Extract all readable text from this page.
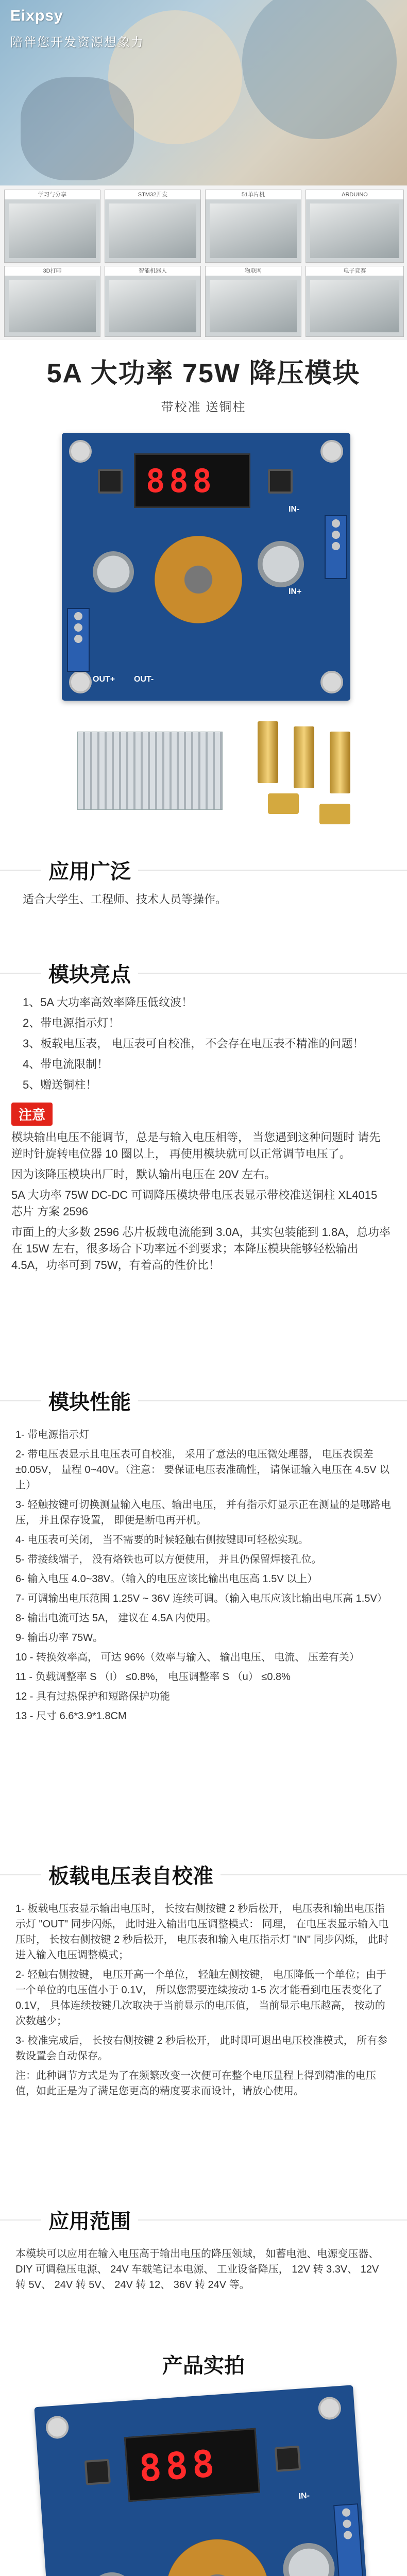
Eixpsy
陪伴您开发资源想象力
学习与分享	STM32开发	51单片机	ARDUINO
3D打印	智能机器人	物联网	电子竞赛
5A 大功率 75W 降压模块
带校准 送铜柱
888
OUT+ OUT-
IN+
IN-
应用广泛

适合大学生、工程师、技术人员等操作。

模块亮点

1、5A 大功率高效率降压低纹波！

2、带电源指示灯！

3、板载电压表， 电压表可自校准， 不会存在电压表不精准的问题！

4、带电流限制！

5、赠送铜柱！

注意

模块输出电压不能调节，总是与输入电压相等， 当您遇到这种问题时 请先逆时针旋转电位器 10 圈以上， 再使用模块就可以正常调节电压了。

因为该降压模块出厂时，默认输出电压在 20V 左右。

5A 大功率 75W DC-DC 可调降压模块带电压表显示带校准送铜柱 XL4015 芯片 方案 2596

市面上的大多数 2596 芯片板载电流能到 3.0A，其实包装能到 1.8A，总功率在 15W 左右，很多场合下功率远不到要求；本降压模块能够轻松输出 4.5A，功率可到 75W，有着高的性价比！

模块性能

1- 带电源指示灯

2- 带电压表显示且电压表可自校准， 采用了意法的电压微处理器， 电压表误差 ±0.05V， 量程 0~40V。（注意： 要保证电压表准确性， 请保证输入电压在 4.5V 以上）

3- 轻触按键可切换测量输入电压、输出电压， 并有指示灯显示正在测量的是哪路电压， 并且保存设置， 即便是断电再开机。

4- 电压表可关闭， 当不需要的时候轻触右侧按键即可轻松实现。

5- 带接线端子， 没有烙铁也可以方便使用， 并且仍保留焊接孔位。

6- 输入电压 4.0~38V。（输入的电压应该比输出电压高 1.5V 以上）

7- 可调输出电压范围 1.25V ~ 36V 连续可调。（输入电压应该比输出电压高 1.5V）

8- 输出电流可达 5A， 建议在 4.5A 内使用。

9- 输出功率 75W。

10 - 转换效率高， 可达 96%（效率与输入、 输出电压、 电流、 压差有关）

11 - 负载调整率 S （I） ≤0.8%， 电压调整率 S （u） ≤0.8%

12 - 具有过热保护和短路保护功能

13 - 尺寸 6.6*3.9*1.8CM

板载电压表自校准

1- 板载电压表显示输出电压时， 长按右侧按键 2 秒后松开， 电压表和输出电压指示灯 "OUT" 同步闪烁， 此时进入输出电压调整模式： 同理， 在电压表显示输入电压时， 长按右侧按键 2 秒后松开， 电压表和输入电压指示灯 "IN" 同步闪烁， 此时进入输入电压调整模式；

2- 轻触右侧按键， 电压开高一个单位， 轻触左侧按键， 电压降低一个单位；由于一个单位的电压值小于 0.1V， 所以您需要连续按动 1-5 次才能看到电压表变化了 0.1V， 具体连续按键几次取决于当前显示的电压值， 当前显示电压越高， 按动的次数越少；

3- 校准完成后， 长按右侧按键 2 秒后松开， 此时即可退出电压校准模式， 所有参数设置会自动保存。

注：此种调节方式是为了在频繁改变一次便可在整个电压量程上得到精准的电压值，如此正是为了满足您更高的精度要求而设计，请放心使用。

应用范围

本模块可以应用在输入电压高于输出电压的降压领域， 如蓄电池、电源变压器、 DIY 可调稳压电源、 24V 车载笔记本电源、 工业设备降压， 12V 转 3.3V、 12V 转 5V、 24V 转 5V、 24V 转 12、 36V 转 24V 等。

产品实拍
888
IN-
